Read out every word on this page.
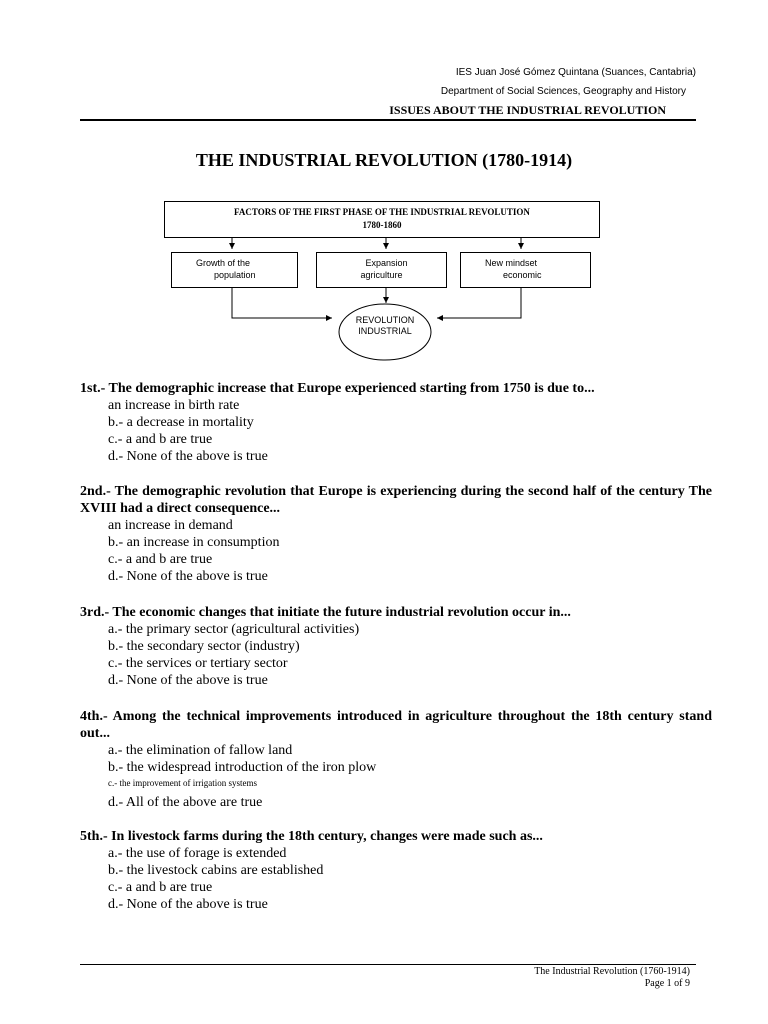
IES Juan José Gómez Quintana (Suances, Cantabria)
Department of Social Sciences, Geography and History
ISSUES ABOUT THE INDUSTRIAL REVOLUTION
THE INDUSTRIAL REVOLUTION (1780-1914)
FACTORS OF THE FIRST PHASE OF THE INDUSTRIAL REVOLUTION
1780-1860
Growth of the
population
Expansion
agriculture
New mindset
economic
REVOLUTION
INDUSTRIAL
1st.- The demographic increase that Europe experienced starting from 1750 is due to...
an increase in birth rate
b.- a decrease in mortality
c.- a and b are true
d.- None of the above is true
2nd.- The demographic revolution that Europe is experiencing during the second half of the century The XVIII had a direct consequence...
an increase in demand
b.- an increase in consumption
c.- a and b are true
d.- None of the above is true
3rd.- The economic changes that initiate the future industrial revolution occur in...
a.- the primary sector (agricultural activities)
b.- the secondary sector (industry)
c.- the services or tertiary sector
d.- None of the above is true
4th.- Among the technical improvements introduced in agriculture throughout the 18th century stand out...
a.- the elimination of fallow land
b.- the widespread introduction of the iron plow
c.- the improvement of irrigation systems
d.- All of the above are true
5th.- In livestock farms during the 18th century, changes were made such as...
a.- the use of forage is extended
b.- the livestock cabins are established
c.- a and b are true
d.- None of the above is true
The Industrial Revolution (1760-1914)
Page 1 of 9
